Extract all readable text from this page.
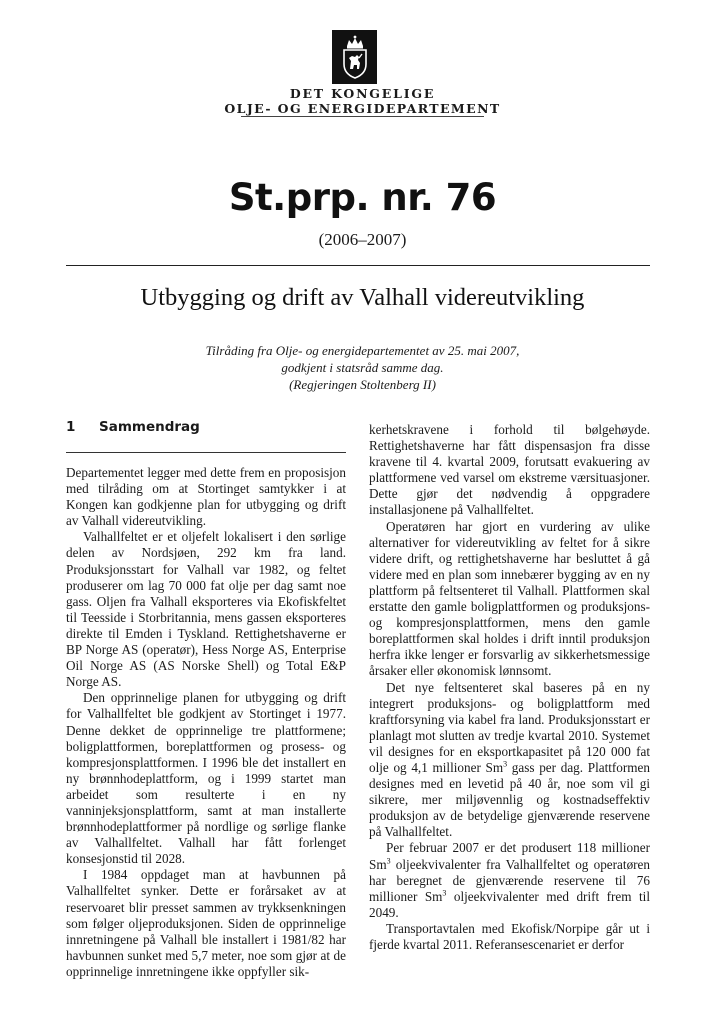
DET KONGELIGE
OLJE- OG ENERGIDEPARTEMENT
St.prp. nr. 76
(2006–2007)
Utbygging og drift av Valhall videreutvikling
Tilråding fra Olje- og energidepartementet av 25. mai 2007,
godkjent i statsråd samme dag.
(Regjeringen Stoltenberg II)
1 Sammendrag

Departementet legger med dette frem en proposisjon med tilråding om at Stortinget samtykker i at Kongen kan godkjenne plan for utbygging og drift av Valhall videreutvikling.

Valhallfeltet er et oljefelt lokalisert i den sørlige delen av Nordsjøen, 292 km fra land. Produksjonsstart for Valhall var 1982, og feltet produserer om lag 70 000 fat olje per dag samt noe gass. Oljen fra Valhall eksporteres via Ekofiskfeltet til Teesside i Storbritannia, mens gassen eksporteres direkte til Emden i Tyskland. Rettighetshaverne er BP Norge AS (operatør), Hess Norge AS, Enterprise Oil Norge AS (AS Norske Shell) og Total E&P Norge AS.

Den opprinnelige planen for utbygging og drift for Valhallfeltet ble godkjent av Stortinget i 1977. Denne dekket de opprinnelige tre plattformene; boligplattformen, boreplattformen og prosess- og kompresjonsplattformen. I 1996 ble det installert en ny brønnhodeplattform, og i 1999 startet man arbeidet som resulterte i en ny vanninjeksjonsplattform, samt at man installerte brønnhodeplattformer på nordlige og sørlige flanke av Valhallfeltet. Valhall har fått forlenget konsesjonstid til 2028.

I 1984 oppdaget man at havbunnen på Valhallfeltet synker. Dette er forårsaket av at reservoaret blir presset sammen av trykksenkningen som følger oljeproduksjonen. Siden de opprinnelige innretningene på Valhall ble installert i 1981/82 har havbunnen sunket med 5,7 meter, noe som gjør at de opprinnelige innretningene ikke oppfyller sik-

kerhetskravene i forhold til bølgehøyde. Rettighetshaverne har fått dispensasjon fra disse kravene til 4. kvartal 2009, forutsatt evakuering av plattformene ved varsel om ekstreme værsituasjoner. Dette gjør det nødvendig å oppgradere installasjonene på Valhallfeltet.

Operatøren har gjort en vurdering av ulike alternativer for videreutvikling av feltet for å sikre videre drift, og rettighetshaverne har besluttet å gå videre med en plan som innebærer bygging av en ny plattform på feltsenteret til Valhall. Plattformen skal erstatte den gamle boligplattformen og produksjons- og kompresjonsplattformen, mens den gamle boreplattformen skal holdes i drift inntil produksjon herfra ikke lenger er forsvarlig av sikkerhetsmessige årsaker eller økonomisk lønnsomt.

Det nye feltsenteret skal baseres på en ny integrert produksjons- og boligplattform med kraftforsyning via kabel fra land. Produksjonsstart er planlagt mot slutten av tredje kvartal 2010. Systemet vil designes for en eksportkapasitet på 120 000 fat olje og 4,1 millioner Sm$^3$ gass per dag. Plattformen designes med en levetid på 40 år, noe som vil gi sikrere, mer miljøvennlig og kostnadseffektiv produksjon av de betydelige gjenværende reservene på Valhallfeltet.

Per februar 2007 er det produsert 118 millioner Sm$^3$ oljeekvivalenter fra Valhallfeltet og operatøren har beregnet de gjenværende reservene til 76 millioner Sm$^3$ oljeekvivalenter med drift frem til 2049.

Transportavtalen med Ekofisk/Norpipe går ut i fjerde kvartal 2011. Referansescenariet er derfor
